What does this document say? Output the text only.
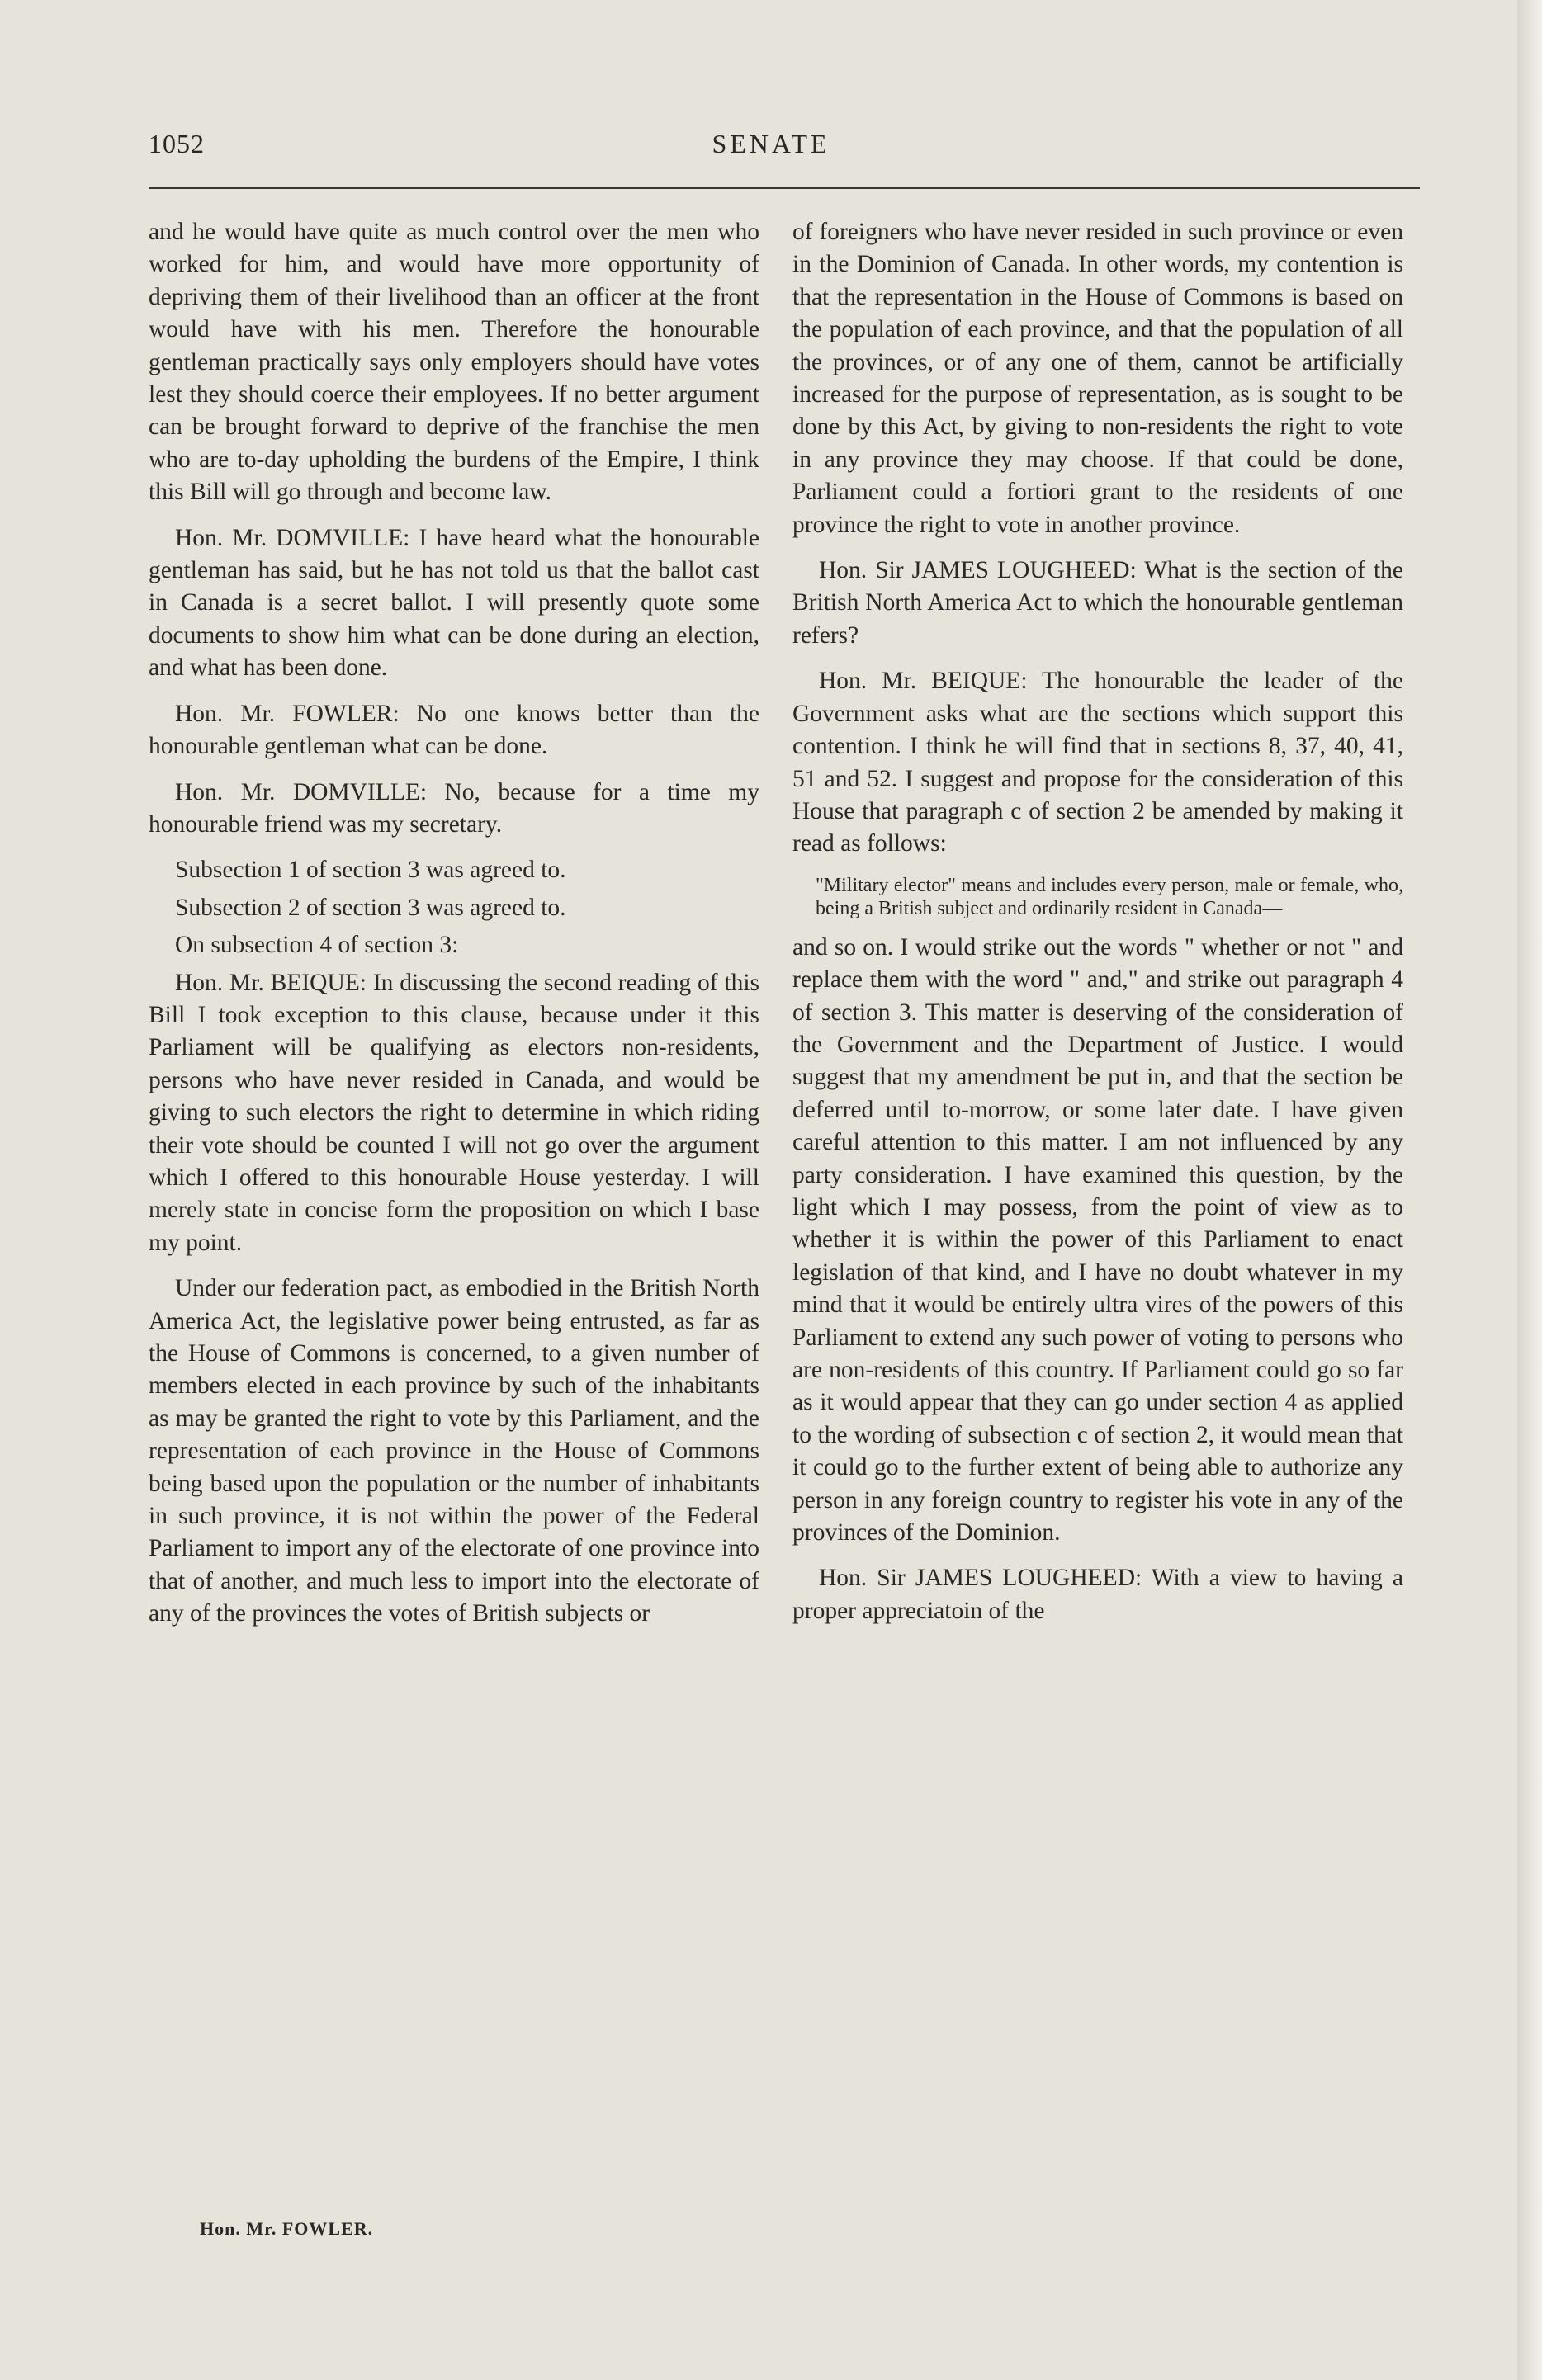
1052	SENATE

and he would have quite as much control over the men who worked for him, and would have more opportunity of depriving them of their livelihood than an officer at the front would have with his men. Therefore the honourable gentleman practically says only employers should have votes lest they should coerce their employees. If no better argument can be brought forward to deprive of the franchise the men who are to-day upholding the burdens of the Empire, I think this Bill will go through and become law.

Hon. Mr. DOMVILLE: I have heard what the honourable gentleman has said, but he has not told us that the ballot cast in Canada is a secret ballot. I will presently quote some documents to show him what can be done during an election, and what has been done.

Hon. Mr. FOWLER: No one knows better than the honourable gentleman what can be done.

Hon. Mr. DOMVILLE: No, because for a time my honourable friend was my secretary.

Subsection 1 of section 3 was agreed to.

Subsection 2 of section 3 was agreed to.

On subsection 4 of section 3:

Hon. Mr. BEIQUE: In discussing the second reading of this Bill I took exception to this clause, because under it this Parliament will be qualifying as electors non-residents, persons who have never resided in Canada, and would be giving to such electors the right to determine in which riding their vote should be counted I will not go over the argument which I offered to this honourable House yesterday. I will merely state in concise form the proposition on which I base my point.

Under our federation pact, as embodied in the British North America Act, the legislative power being entrusted, as far as the House of Commons is concerned, to a given number of members elected in each province by such of the inhabitants as may be granted the right to vote by this Parliament, and the representation of each province in the House of Commons being based upon the population or the number of inhabitants in such province, it is not within the power of the Federal Parliament to import any of the electorate of one province into that of another, and much less to import into the electorate of any of the provinces the votes of British subjects or

of foreigners who have never resided in such province or even in the Dominion of Canada. In other words, my contention is that the representation in the House of Commons is based on the population of each province, and that the population of all the provinces, or of any one of them, cannot be artificially increased for the purpose of representation, as is sought to be done by this Act, by giving to non-residents the right to vote in any province they may choose. If that could be done, Parliament could a fortiori grant to the residents of one province the right to vote in another province.

Hon. Sir JAMES LOUGHEED: What is the section of the British North America Act to which the honourable gentleman refers?

Hon. Mr. BEIQUE: The honourable the leader of the Government asks what are the sections which support this contention. I think he will find that in sections 8, 37, 40, 41, 51 and 52. I suggest and propose for the consideration of this House that paragraph c of section 2 be amended by making it read as follows:

"Military elector" means and includes every person, male or female, who, being a British subject and ordinarily resident in Canada—

and so on. I would strike out the words " whether or not " and replace them with the word " and," and strike out paragraph 4 of section 3. This matter is deserving of the consideration of the Government and the Department of Justice. I would suggest that my amendment be put in, and that the section be deferred until to-morrow, or some later date. I have given careful attention to this matter. I am not influenced by any party consideration. I have examined this question, by the light which I may possess, from the point of view as to whether it is within the power of this Parliament to enact legislation of that kind, and I have no doubt whatever in my mind that it would be entirely ultra vires of the powers of this Parliament to extend any such power of voting to persons who are non-residents of this country. If Parliament could go so far as it would appear that they can go under section 4 as applied to the wording of subsection c of section 2, it would mean that it could go to the further extent of being able to authorize any person in any foreign country to register his vote in any of the provinces of the Dominion.

Hon. Sir JAMES LOUGHEED: With a view to having a proper appreciatoin of the

Hon. Mr. FOWLER.
